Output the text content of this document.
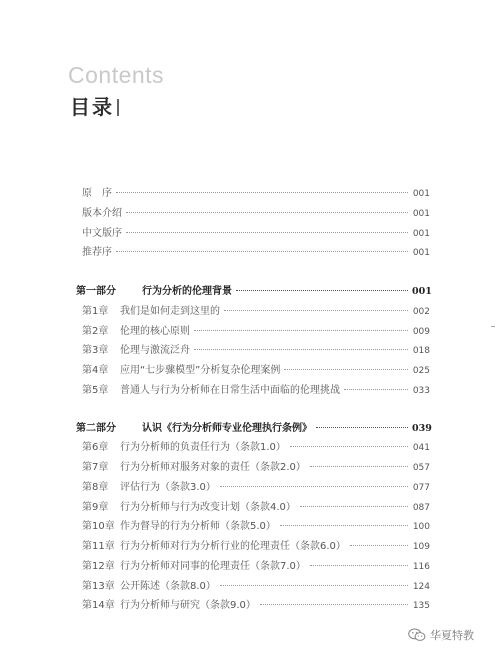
Contents
目录
原　序	001
版本介绍	001
中文版序	001
推荐序	001
第一部分	行为分析的伦理背景	001
第1章	我们是如何走到这里的	002
第2章	伦理的核心原则	009
第3章	伦理与激流泛舟	018
第4章	应用“七步骤模型”分析复杂伦理案例	025
第5章	普通人与行为分析师在日常生活中面临的伦理挑战	033
第二部分	认识《行为分析师专业伦理执行条例》	039
第6章	行为分析师的负责任行为（条款1.0）	041
第7章	行为分析师对服务对象的责任（条款2.0）	057
第8章	评估行为（条款3.0）	077
第9章	行为分析师与行为改变计划（条款4.0）	087
第10章 作为督导的行为分析师（条款5.0）	100
第11章 行为分析师对行为分析行业的伦理责任（条款6.0）	109
第12章 行为分析师对同事的伦理责任（条款7.0）	116
第13章 公开陈述（条款8.0）	124
第14章 行为分析师与研究（条款9.0）	135
华夏特教
